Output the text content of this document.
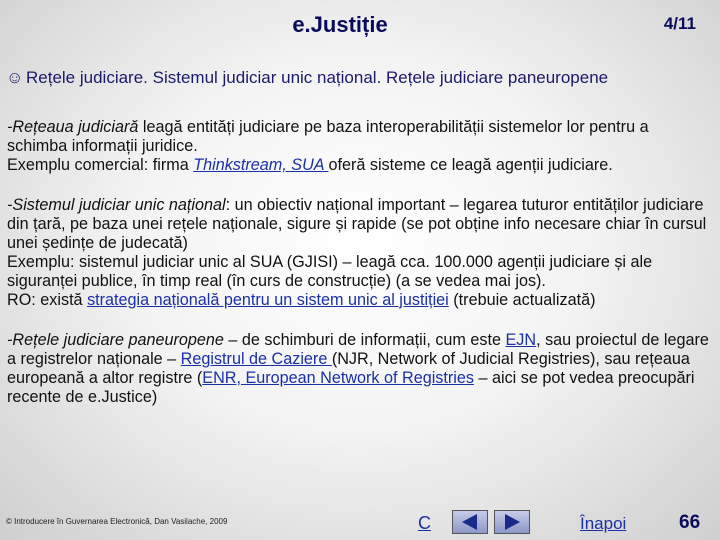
e.Justiție	4/11
☺ Rețele judiciare. Sistemul judiciar unic național. Rețele judiciare paneuropene

-Rețeaua judiciară leagă entități judiciare pe baza interoperabilității sistemelor lor pentru a schimba informații juridice.

Exemplu comercial: firma Thinkstream, SUA oferă sisteme ce leagă agenții judiciare.

-Sistemul judiciar unic național: un obiectiv național important – legarea tuturor entităților judiciare din țară, pe baza unei rețele naționale, sigure și rapide (se pot obține info necesare chiar în cursul unei ședințe de judecată)

Exemplu: sistemul judiciar unic al SUA (GJISI) – leagă cca. 100.000 agenții judiciare și ale siguranței publice, în timp real (în curs de construcție) (a se vedea mai jos).

RO: există strategia națională pentru un sistem unic al justiției (trebuie actualizată)

-Rețele judiciare paneuropene – de schimburi de informații, cum este EJN, sau proiectul de legare a registrelor naționale – Registrul de Caziere (NJR, Network of Judicial Registries), sau rețeaua europeană a altor registre (ENR, European Network of Registries – aici se pot vedea preocupări recente de e.Justice)

© Introducere în Guvernarea Electronică, Dan Vasilache, 2009	C	Înapoi	66
